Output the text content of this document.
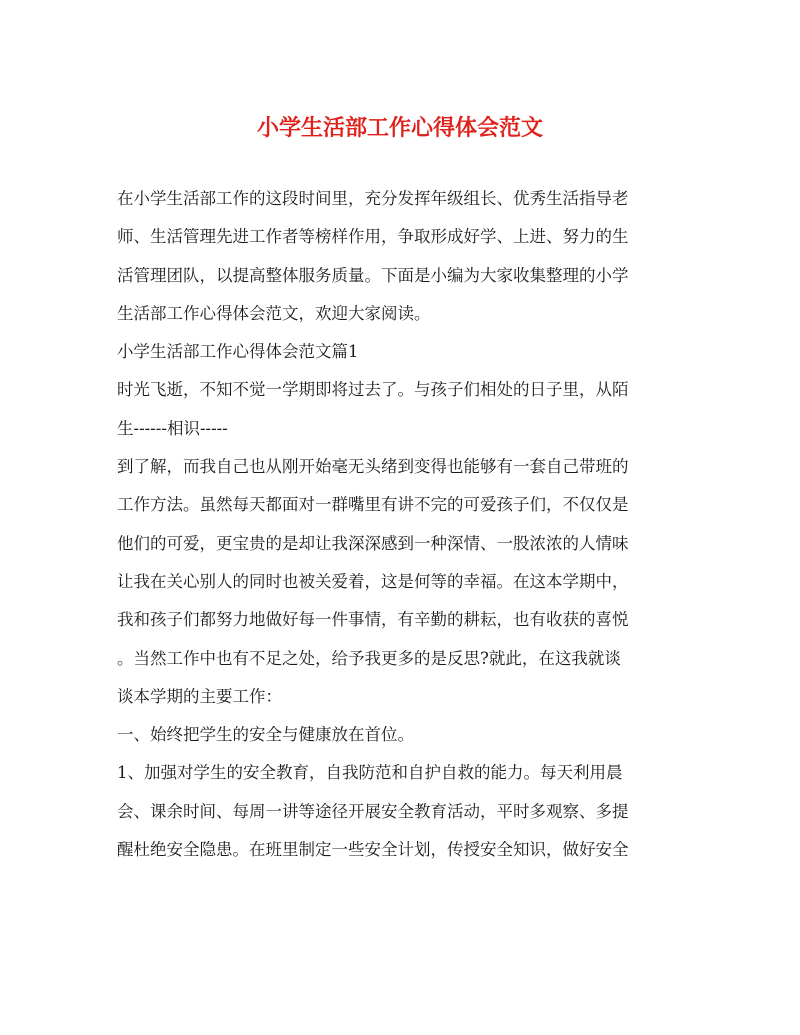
小学生活部工作心得体会范文
在小学生活部工作的这段时间里，充分发挥年级组长、优秀生活指导老
师、生活管理先进工作者等榜样作用，争取形成好学、上进、努力的生
活管理团队，以提高整体服务质量。下面是小编为大家收集整理的小学
生活部工作心得体会范文，欢迎大家阅读。
小学生活部工作心得体会范文篇1
时光飞逝，不知不觉一学期即将过去了。与孩子们相处的日子里，从陌
生------相识-----
到了解，而我自己也从刚开始毫无头绪到变得也能够有一套自己带班的
工作方法。虽然每天都面对一群嘴里有讲不完的可爱孩子们，不仅仅是
他们的可爱，更宝贵的是却让我深深感到一种深情、一股浓浓的人情味
让我在关心别人的同时也被关爱着，这是何等的幸福。在这本学期中，
我和孩子们都努力地做好每一件事情，有辛勤的耕耘，也有收获的喜悦
。当然工作中也有不足之处，给予我更多的是反思?就此，在这我就谈
谈本学期的主要工作：
一、始终把学生的安全与健康放在首位。
1、加强对学生的安全教育，自我防范和自护自救的能力。每天利用晨
会、课余时间、每周一讲等途径开展安全教育活动，平时多观察、多提
醒杜绝安全隐患。在班里制定一些安全计划，传授安全知识，做好安全
